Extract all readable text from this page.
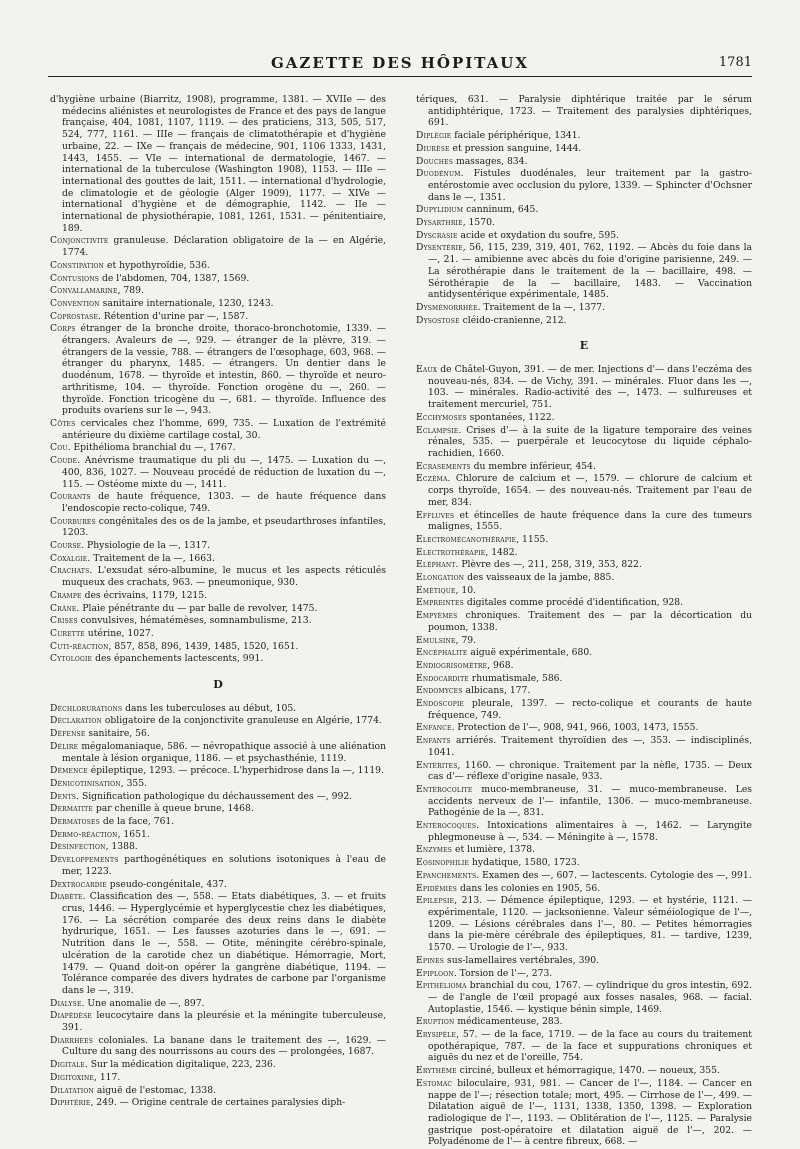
GAZETTE DES HÔPITAUX	1781

d'hygiène urbaine (Biarritz, 1908), programme, 1381. — XVIIe — des médecins aliénistes et neurologistes de France et des pays de langue française, 404, 1081, 1107, 1119. — des praticiens, 313, 505, 517, 524, 777, 1161. — IIIe — français de climatothérapie et d'hygiène urbaine, 22. — IXe — français de médecine, 901, 1106 1333, 1431, 1443, 1455. — VIe — international de dermatologie, 1467. — international de la tuberculose (Washington 1908), 1153. — IIIe — international des gouttes de lait, 1511. — international d'hydrologie, de climatologie et de géologie (Alger 1909), 1177. — XIVe — international d'hygiène et de démographie, 1142. — IIe — international de physiothérapie, 1081, 1261, 1531. — pénitentiaire, 189.

Conjonctivite granuleuse. Déclaration obligatoire de la — en Algérie, 1774.

Constipation et hypothyroïdie, 536.

Contusions de l'abdomen, 704, 1387, 1569.

Convallamarine, 789.

Convention sanitaire internationale, 1230, 1243.

Coprostase. Rétention d'urine par —, 1587.

Corps étranger de la bronche droite, thoraco-bronchotomie, 1339. — étrangers. Avaleurs de —, 929. — étranger de la plèvre, 319. — étrangers de la vessie, 788. — étrangers de l'œsophage, 603, 968. — étranger du pharynx, 1485. — étrangers. Un dentier dans le duodénum, 1678. — thyroïde et intestin, 860. — thyroïde et neuro-arthritisme, 104. — thyroïde. Fonction orogène du —, 260. — thyroïde. Fonction tricogène du —, 681. — thyroïde. Influence des produits ovariens sur le —, 943.

Côtes cervicales chez l'homme, 699, 735. — Luxation de l'extrémité antérieure du dixième cartilage costal, 30.

Cou. Epithélioma branchial du —, 1767.

Coude. Anévrisme traumatique du pli du —, 1475. — Luxation du —, 400, 836, 1027. — Nouveau procédé de réduction de luxation du —, 115. — Ostéome mixte du —, 1411.

Courants de haute fréquence, 1303. — de haute fréquence dans l'endoscopie recto-colique, 749.

Courbures congénitales des os de la jambe, et pseudarthroses infantiles, 1203.

Course. Physiologie de la —, 1317.

Coxalgie. Traitement de la —, 1663.

Crachats. L'exsudat séro-albumine, le mucus et les aspects réticulés muqueux des crachats, 963. — pneumonique, 930.

Crampe des écrivains, 1179, 1215.

Crâne. Plaie pénétrante du — par balle de revolver, 1475.

Crises convulsives, hématémèses, somnambulisme, 213.

Curette utérine, 1027.

Cuti-réaction, 857, 858, 896, 1439, 1485, 1520, 1651.

Cytologie des épanchements lactescents, 991.

D

Déchlorurations dans les tuberculoses au début, 105.

Déclaration obligatoire de la conjonctivite granuleuse en Algérie, 1774.

Défense sanitaire, 56.

Délire mégalomaniaque, 586. — névropathique associé à une aliénation mentale à lésion organique, 1186. — et psychasthénie, 1119.

Démence épileptique, 1293. — précoce. L'hyperhidrose dans la —, 1119.

Dénicotinisation, 355.

Dents. Signification pathologique du déchaussement des —, 992.

Dermatite par chenille à queue brune, 1468.

Dermatoses de la face, 761.

Dermo-réaction, 1651.

Désinfection, 1388.

Développements parthogénétiques en solutions isotoniques à l'eau de mer, 1223.

Dextrocardie pseudo-congénitale, 437.

Diabète. Classification des —, 558. — Etats diabétiques, 3. — et fruits crus, 1446. — Hyperglycémie et hyperglycestie chez les diabétiques, 176. — La sécrétion comparée des deux reins dans le diabète hydrurique, 1651. — Les fausses azoturies dans le —, 691. — Nutrition dans le —, 558. — Otite, méningite cérébro-spinale, ulcération de la carotide chez un diabétique. Hémorragie, Mort, 1479. — Quand doit-on opérer la gangrène diabétique, 1194. — Tolérance comparée des divers hydrates de carbone par l'organisme dans le —, 319.

Dialyse. Une anomalie de —, 897.

Diapédèse leucocytaire dans la pleurésie et la méningite tuberculeuse, 391.

Diarrhées coloniales. La banane dans le traitement des —, 1629. — Culture du sang des nourrissons au cours des — prolongées, 1687.

Digitale. Sur la médication digitalique, 223, 236.

Digitoxine, 117.

Dilatation aiguë de l'estomac, 1338.

Diphtérie, 249. — Origine centrale de certaines paralysies diph-

tériques, 631. — Paralysie diphtérique traitée par le sérum antidiphtérique, 1723. — Traitement des paralysies diphtériques, 691.

Diplégie faciale périphérique, 1341.

Diurèse et pression sanguine, 1444.

Douches massages, 834.

Duodénum. Fistules duodénales, leur traitement par la gastro-entérostomie avec occlusion du pylore, 1339. — Sphincter d'Ochsner dans le —, 1351.

Dupylidium canninum, 645.

Dysarthrie, 1570.

Dyscrasie acide et oxydation du soufre, 595.

Dysentérie, 56, 115, 239, 319, 401, 762, 1192. — Abcès du foie dans la —, 21. — amibienne avec abcès du foie d'origine parisienne, 249. — La sérothérapie dans le traitement de la — bacillaire, 498. — Sérothérapie de la — bacillaire, 1483. — Vaccination antidysentérique expérimentale, 1485.

Dysménorrhée. Traitement de la —, 1377.

Dysostose cléido-cranienne, 212.

E

Eaux de Châtel-Guyon, 391. — de mer. Injections d'— dans l'eczéma des nouveau-nés, 834. — de Vichy, 391. — minérales. Fluor dans les —, 103. — minérales. Radio-activité des —, 1473. — sulfureuses et traitement mercuriel, 751.

Ecchymoses spontanées, 1122.

Eclampsie. Crises d'— à la suite de la ligature temporaire des veines rénales, 535. — puerpérale et leucocytose du liquide céphalo-rachidien, 1660.

Ecrasements du membre inférieur, 454.

Eczéma. Chlorure de calcium et —, 1579. — chlorure de calcium et corps thyroïde, 1654. — des nouveau-nés. Traitement par l'eau de mer, 834.

Effluves et étincelles de haute fréquence dans la cure des tumeurs malignes, 1555.

Electromécanothérapie, 1155.

Electrothérapie, 1482.

Eléphant. Plèvre des —, 211, 258, 319, 353, 822.

Elongation des vaisseaux de la jambe, 885.

Emétique, 10.

Empreintes digitales comme procédé d'identification, 928.

Empyèmes chroniques. Traitement des — par la décortication du poumon, 1338.

Emulsine, 79.

Encéphalite aiguë expérimentale, 680.

Endiogrisomètre, 968.

Endocardite rhumatismale, 586.

Endomyces albicans, 177.

Endoscopie pleurale, 1397. — recto-colique et courants de haute fréquence, 749.

Enfance. Protection de l'—, 908, 941, 966, 1003, 1473, 1555.

Enfants arriérés. Traitement thyroïdien des —, 353. — indisciplinés, 1041.

Entérites, 1160. — chronique. Traitement par la nèfle, 1735. — Deux cas d'— réflexe d'origine nasale, 933.

Entérocolite muco-membraneuse, 31. — muco-membraneuse. Les accidents nerveux de l'— infantile, 1306. — muco-membraneuse. Pathogénie de la —, 831.

Entérocoques. Intoxications alimentaires à —, 1462. — Laryngite phlegmoneuse à —, 534. — Méningite à —, 1578.

Enzymes et lumière, 1378.

Eosinophilie hydatique, 1580, 1723.

Epanchements. Examen des —, 607. — lactescents. Cytologie des —, 991.

Epidémies dans les colonies en 1905, 56.

Epilepsie, 213. — Démence épileptique, 1293. — et hystérie, 1121. — expérimentale, 1120. — jacksonienne. Valeur séméiologique de l'—, 1209. — Lésions cérébrales dans l'—, 80. — Petites hémorragies dans la pie-mère cérébrale des épileptiques, 81. — tardive, 1239, 1570. — Urologie de l'—, 933.

Epines sus-lamellaires vertébrales, 390.

Epiploon. Torsion de l'—, 273.

Epithélioma branchial du cou, 1767. — cylindrique du gros intestin, 692. — de l'angle de l'œil propagé aux fosses nasales, 968. — facial. Autoplastie, 1546. — kystique bénin simple, 1469.

Eruption médicamenteuse, 283.

Erysipèle, 57. — de la face, 1719. — de la face au cours du traitement opothérapique, 787. — de la face et suppurations chroniques et aiguës du nez et de l'oreille, 754.

Erythème circiné, bulleux et hémorragique, 1470. — noueux, 355.

Estomac biloculaire, 931, 981. — Cancer de l'—, 1184. — Cancer en nappe de l'—; résection totale; mort, 495. — Cirrhose de l'—, 499. — Dilatation aiguë de l'—, 1131, 1338, 1350, 1398. — Exploration radiologique de l'—, 1193. — Oblitération de l'—, 1125. — Paralysie gastrique post-opératoire et dilatation aiguë de l'—, 202. — Polyadénome de l'— à centre fibreux, 668. —
